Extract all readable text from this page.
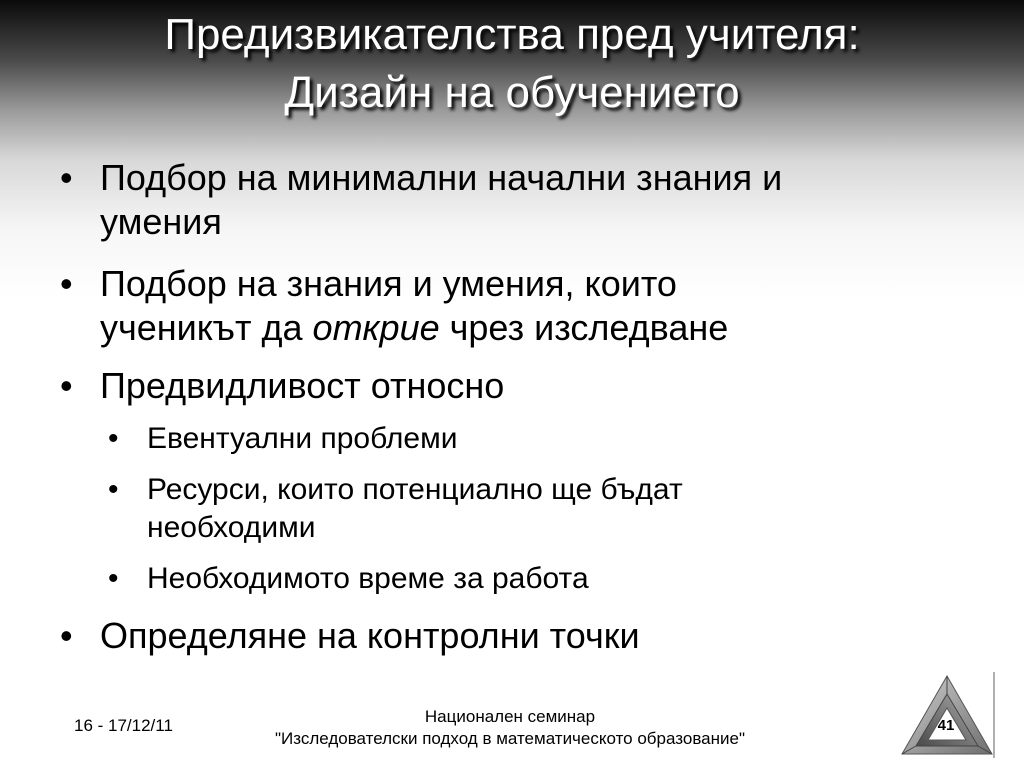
Предизвикателства пред учителя:
Дизайн на обучението
• Подбор на минимални начални знания и
умения
• Подбор на знания и умения, които
ученикът да открие чрез изследване
• Предвидливост относно
• Евентуални проблеми
• Ресурси, които потенциално ще бъдат
необходими
• Необходимото време за работа
• Определяне на контролни точки
16 - 17/12/11	Национален семинар
"Изследователски подход в математическото образование"
41
